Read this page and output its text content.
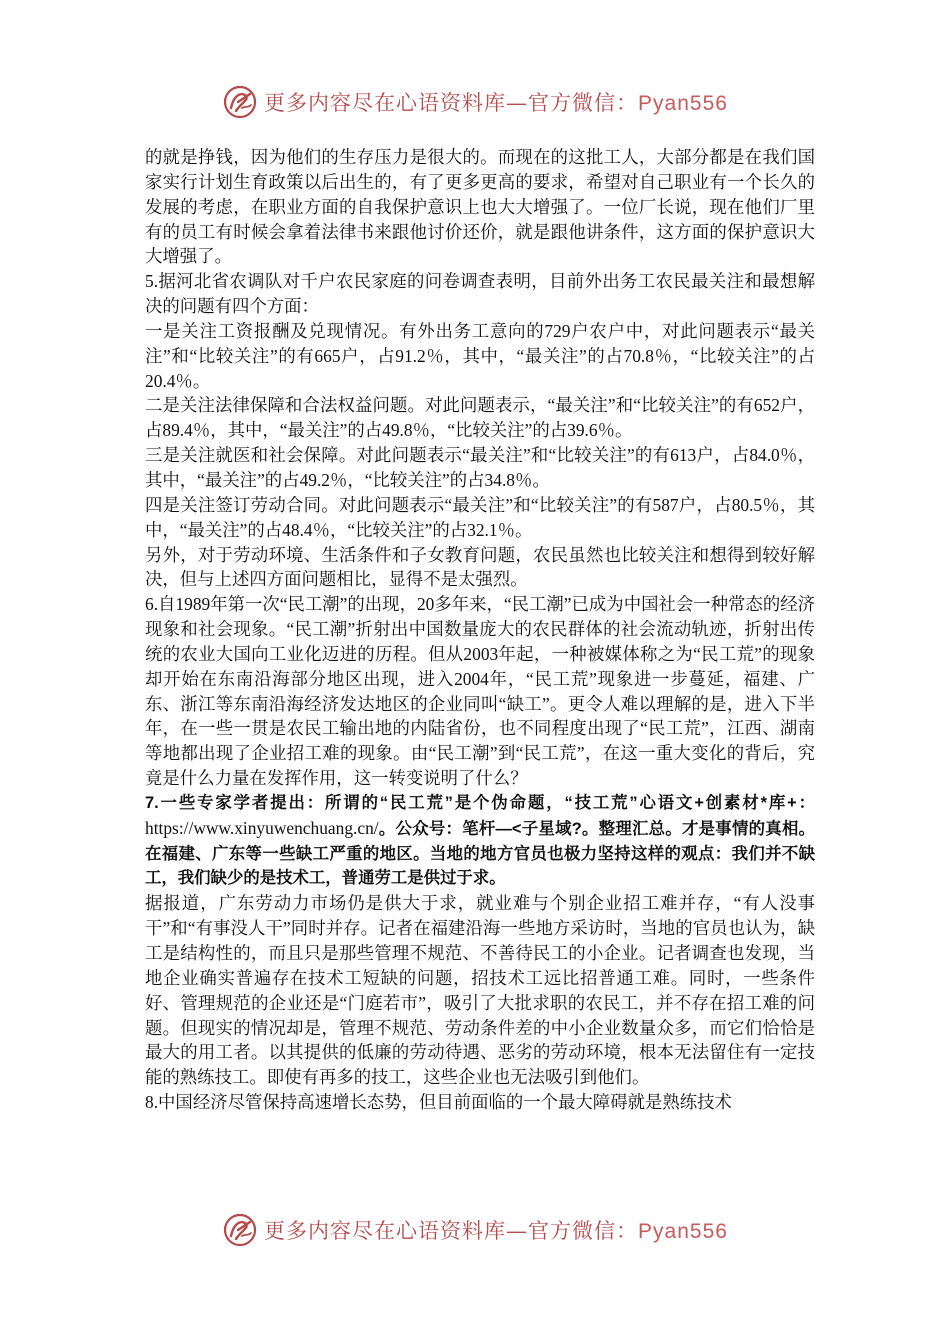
更多内容尽在心语资料库—官方微信：Pyan556

的就是挣钱，因为他们的生存压力是很大的。而现在的这批工人，大部分都是在我们国家实行计划生育政策以后出生的，有了更多更高的要求，希望对自己职业有一个长久的发展的考虑，在职业方面的自我保护意识上也大大增强了。一位厂长说，现在他们厂里有的员工有时候会拿着法律书来跟他讨价还价，就是跟他讲条件，这方面的保护意识大大增强了。

5.据河北省农调队对千户农民家庭的问卷调查表明，目前外出务工农民最关注和最想解决的问题有四个方面：

一是关注工资报酬及兑现情况。有外出务工意向的729户农户中，对此问题表示“最关注”和“比较关注”的有665户，占91.2％，其中，“最关注”的占70.8％，“比较关注”的占20.4％。

二是关注法律保障和合法权益问题。对此问题表示，“最关注”和“比较关注”的有652户，占89.4％，其中，“最关注”的占49.8％，“比较关注”的占39.6％。

三是关注就医和社会保障。对此问题表示“最关注”和“比较关注”的有613户，占84.0％，其中，“最关注”的占49.2％，“比较关注”的占34.8％。

四是关注签订劳动合同。对此问题表示“最关注”和“比较关注”的有587户，占80.5％，其中，“最关注”的占48.4％，“比较关注”的占32.1％。

另外，对于劳动环境、生活条件和子女教育问题，农民虽然也比较关注和想得到较好解决，但与上述四方面问题相比，显得不是太强烈。

6.自1989年第一次“民工潮”的出现，20多年来，“民工潮”已成为中国社会一种常态的经济现象和社会现象。“民工潮”折射出中国数量庞大的农民群体的社会流动轨迹，折射出传统的农业大国向工业化迈进的历程。但从2003年起，一种被媒体称之为“民工荒”的现象却开始在东南沿海部分地区出现，进入2004年，“民工荒”现象进一步蔓延，福建、广东、浙江等东南沿海经济发达地区的企业同叫“缺工”。更令人难以理解的是，进入下半年，在一些一贯是农民工输出地的内陆省份，也不同程度出现了“民工荒”，江西、湖南等地都出现了企业招工难的现象。由“民工潮”到“民工荒”，在这一重大变化的背后，究竟是什么力量在发挥作用，这一转变说明了什么？

7.一些专家学者提出：所谓的“民工荒”是个伪命题，“技工荒”心语文+创素材*库+：https://www.xinyuwenchuang.cn/。公众号：笔杆—<子星域?。整理汇总。才是事情的真相。在福建、广东等一些缺工严重的地区。当地的地方官员也极力坚持这样的观点：我们并不缺工，我们缺少的是技术工，普通劳工是供过于求。

据报道，广东劳动力市场仍是供大于求，就业难与个别企业招工难并存，“有人没事干”和“有事没人干”同时并存。记者在福建沿海一些地方采访时，当地的官员也认为，缺工是结构性的，而且只是那些管理不规范、不善待民工的小企业。记者调查也发现，当地企业确实普遍存在技术工短缺的问题，招技术工远比招普通工难。同时，一些条件好、管理规范的企业还是“门庭若市”，吸引了大批求职的农民工，并不存在招工难的问题。但现实的情况却是，管理不规范、劳动条件差的中小企业数量众多，而它们恰恰是最大的用工者。以其提供的低廉的劳动待遇、恶劣的劳动环境，根本无法留住有一定技能的熟练技工。即使有再多的技工，这些企业也无法吸引到他们。

8.中国经济尽管保持高速增长态势，但目前面临的一个最大障碍就是熟练技术

更多内容尽在心语资料库—官方微信：Pyan556
